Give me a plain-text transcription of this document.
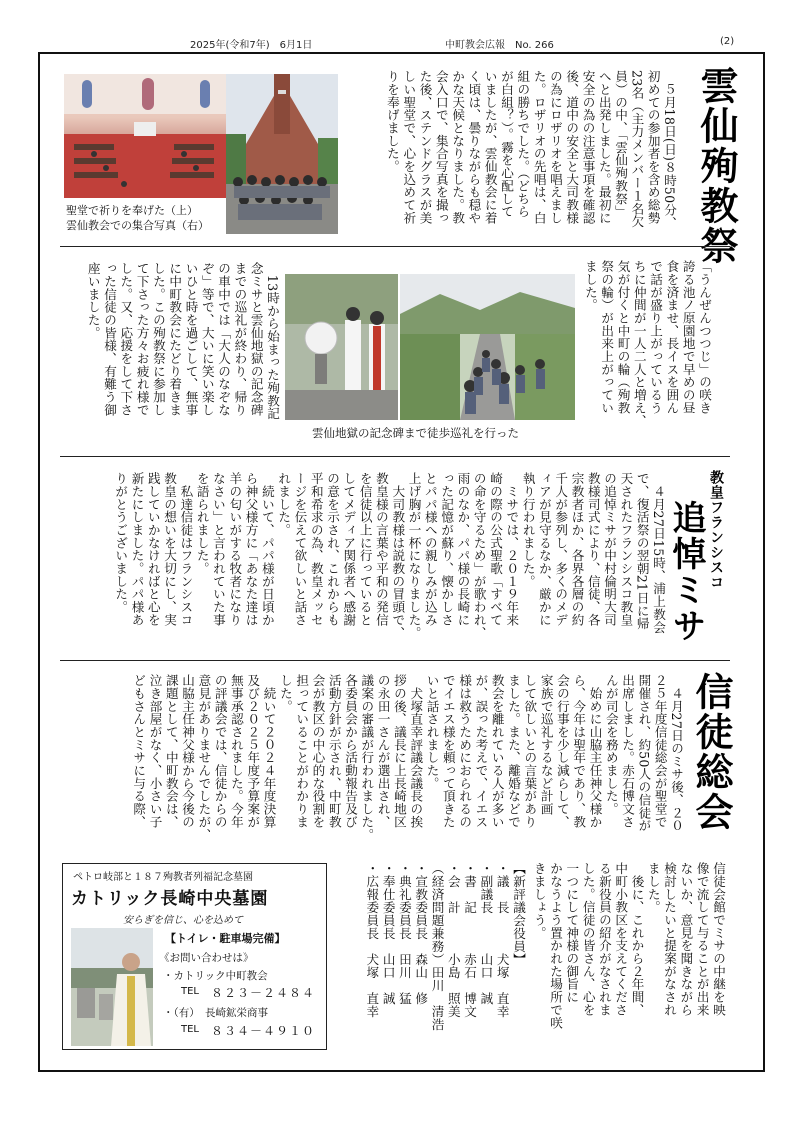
2025年(令和7年)　6月1日	中町教会広報　No. 266	(2)
雲仙殉教祭
　５月18日(日)８時50分、
初めての参加者を含め総勢
23名（主力メンバー１名欠
員）の中、「雲仙殉教祭」
へと出発しました。最初に
安全の為の注意事項を確認
後、道中の安全と大司教様
の為にロザリオを唱えまし
た。ロザリオの先唱は、白
組の勝ちでした。（どちら
が白組？）。霧を心配して
いましたが、雲仙教会に着
く頃は、曇りながらも穏や
かな天候となりました。教
会入口で、集合写真を撮っ
た後、ステンドグラスが美
しい聖堂で、心を込めて祈
りを奉げました。
聖堂で祈りを奉げた（上）
雲仙教会での集合写真（右）
「うんぜんつつじ」の咲き
誇る池ノ原園地で早めの昼
食を済ませ、長イスを囲ん
で話が盛り上がっているう
ちに仲間が一人二人と増え、
気が付くと中町の輪（殉教
祭の輪）が出来上がってい
ました。
雲仙地獄の記念碑まで徒歩巡礼を行った
　13時から始まった殉教記
念ミサと雲仙地獄の記念碑
までの巡礼が終わり、帰り
の車中では「大人のなぞな
ぞ」等で、大いに笑い楽し
いひと時を過ごして、無事
に中町教会にたどり着きま
した。この殉教祭に参加し
て下さった方々お疲れ様で
した。又、応援をして下さ
った信徒の皆様、有難う御
座いました。
教皇フランシスコ
追悼ミサ
　４月27日15時、浦上教会
で、復活祭の翌朝21日に帰
天されたフランシスコ教皇
の追悼ミサが中村倫明大司
教様司式により、信徒、各
宗教者ほか、各界各層の約
千人が参列し、多くのメデ
ィアが見守るなか、厳かに
執り行われました。
　ミサでは、２０１９年来
崎の際の公式聖歌「すべて
の命を守るため」が歌われ、
雨のなか、パパ様の長崎に
った記憶が蘇り、懐かしさ
とパパ様への親しみが込み
上げ胸が一杯になりました。
　大司教様は説教の冒頭で、
教皇様の言葉や平和の発信
を信徒以上に行っていると
してメディア関係者へ感謝
の意を示され、これからも
平和希求の為、教皇メッセ
ージを伝えて欲しいと話さ
れました。
　続いて、パパ様が日頃か
ら神父様方に「あなた達は
羊の匂いがする牧者になり
なさい」と言われていた事
を語られました。
　私達信徒はフランシスコ
教皇の想いを大切にし、実
践していかなければと心を
新たにしました。パパ様あ
りがとうございました。
信徒総会
　４月27日のミサ後、２０
２５年度信徒総会が聖堂で
開催され、約50人の信徒が
出席しました。赤石博文さ
んが司会を務めました。
　始めに山脇主任神父様か
ら、今年は聖年であり、教
会の行事を少し減らして、
家族で巡礼するなど計画
して欲しいとの言葉があり
ました。また、離婚などで
教会を離れている人が多い
が、誤った考えで、イエス
様は救うためにおられるの
でイエス様を頼って頂きた
いと話されました。
　犬塚直幸評議会議長の挨
拶の後、議長に上長崎地区
の永田一さんが選出され、
議案の審議が行われました。
各委員会から活動報告及び
活動方針が示され、中町教
会が教区の中心的な役割を
担っていることがわかりま
した。
　続いて２０２４年度決算
及び２０２５年度予算案が
無事承認されました。今年
の評議会では、信徒からの
意見がありませんでしたが、
山脇主任神父様から今後の
課題として、中町教会は、
泣き部屋がなく、小さい子
どもさんとミサに与る際、
信徒会館でミサの中継を映
像で流して与ることが出来
ないか、意見を聞きながら
検討したいと提案がなされ
ました。
　後に、これから２年間、
中町小教区を支えてくださ
る新役員の紹介がなされま
した。信徒の皆さん、心を
一つにして神様の御旨に
かなうよう置かれた場所で咲
きましょう。
【新評議会役員】
・議　長　　　犬塚　直幸
・副議長　　　山口　誠
・書　記　　　赤石　博文
・会　計　　　小島　照美
（経済問題兼務）田川　清浩
・宣教委員長　森山　修
・典礼委員長　田川　猛
・奉仕委員長　山口　誠
・広報委員長　犬塚　直幸
ペトロ岐部と１８７殉教者列福記念墓園
カトリック長崎中央墓園
安らぎを信じ、心を込めて
【トイレ・駐車場完備】
《お問い合わせは》
・カトリック中町教会
TEL ８２３－２４８４
・（有）　長崎鉱栄商事
TEL ８３４－４９１０
